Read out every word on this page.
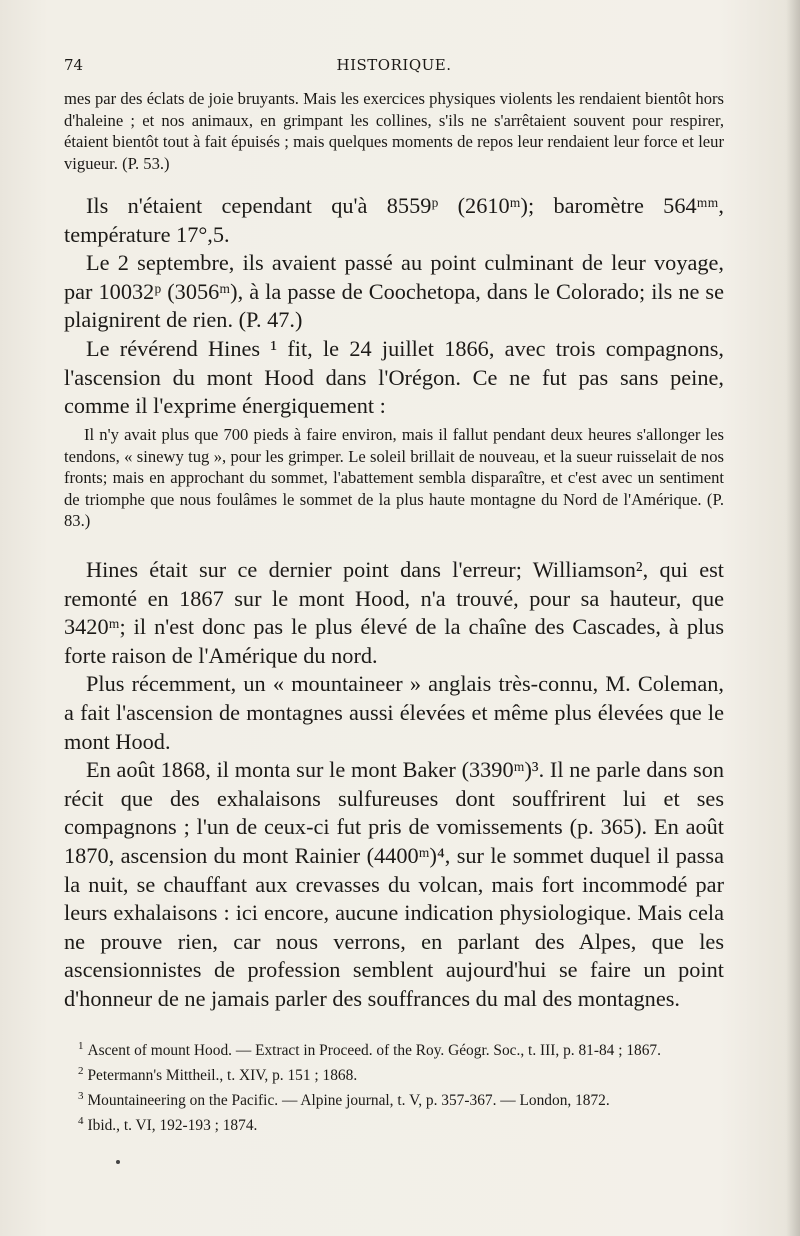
74	HISTORIQUE.

mes par des éclats de joie bruyants. Mais les exercices physiques violents les rendaient bientôt hors d'haleine ; et nos animaux, en grimpant les collines, s'ils ne s'arrêtaient souvent pour respirer, étaient bientôt tout à fait épuisés ; mais quelques moments de repos leur rendaient leur force et leur vigueur. (P. 53.)

Ils n'étaient cependant qu'à 8559ᵖ (2610ᵐ); baromètre 564ᵐᵐ, température 17°,5.

Le 2 septembre, ils avaient passé au point culminant de leur voyage, par 10032ᵖ (3056ᵐ), à la passe de Coochetopa, dans le Colorado; ils ne se plaignirent de rien. (P. 47.)

Le révérend Hines ¹ fit, le 24 juillet 1866, avec trois compagnons, l'ascension du mont Hood dans l'Orégon. Ce ne fut pas sans peine, comme il l'exprime énergiquement :

Il n'y avait plus que 700 pieds à faire environ, mais il fallut pendant deux heures s'allonger les tendons, « sinewy tug », pour les grimper. Le soleil brillait de nouveau, et la sueur ruisselait de nos fronts; mais en approchant du sommet, l'abattement sembla disparaître, et c'est avec un sentiment de triomphe que nous foulâmes le sommet de la plus haute montagne du Nord de l'Amérique. (P. 83.)

Hines était sur ce dernier point dans l'erreur; Williamson², qui est remonté en 1867 sur le mont Hood, n'a trouvé, pour sa hauteur, que 3420ᵐ; il n'est donc pas le plus élevé de la chaîne des Cascades, à plus forte raison de l'Amérique du nord.

Plus récemment, un « mountaineer » anglais très-connu, M. Coleman, a fait l'ascension de montagnes aussi élevées et même plus élevées que le mont Hood.

En août 1868, il monta sur le mont Baker (3390ᵐ)³. Il ne parle dans son récit que des exhalaisons sulfureuses dont souffrirent lui et ses compagnons ; l'un de ceux-ci fut pris de vomissements (p. 365). En août 1870, ascension du mont Rainier (4400ᵐ)⁴, sur le sommet duquel il passa la nuit, se chauffant aux crevasses du volcan, mais fort incommodé par leurs exhalaisons : ici encore, aucune indication physiologique. Mais cela ne prouve rien, car nous verrons, en parlant des Alpes, que les ascensionnistes de profession semblent aujourd'hui se faire un point d'honneur de ne jamais parler des souffrances du mal des montagnes.

$^1$ Ascent of mount Hood. — Extract in Proceed. of the Roy. Géogr. Soc., t. III, p. 81-84 ; 1867.

$^2$ Petermann's Mittheil., t. XIV, p. 151 ; 1868.

$^3$ Mountaineering on the Pacific. — Alpine journal, t. V, p. 357-367. — London, 1872.

$^4$ Ibid., t. VI, 192-193 ; 1874.
